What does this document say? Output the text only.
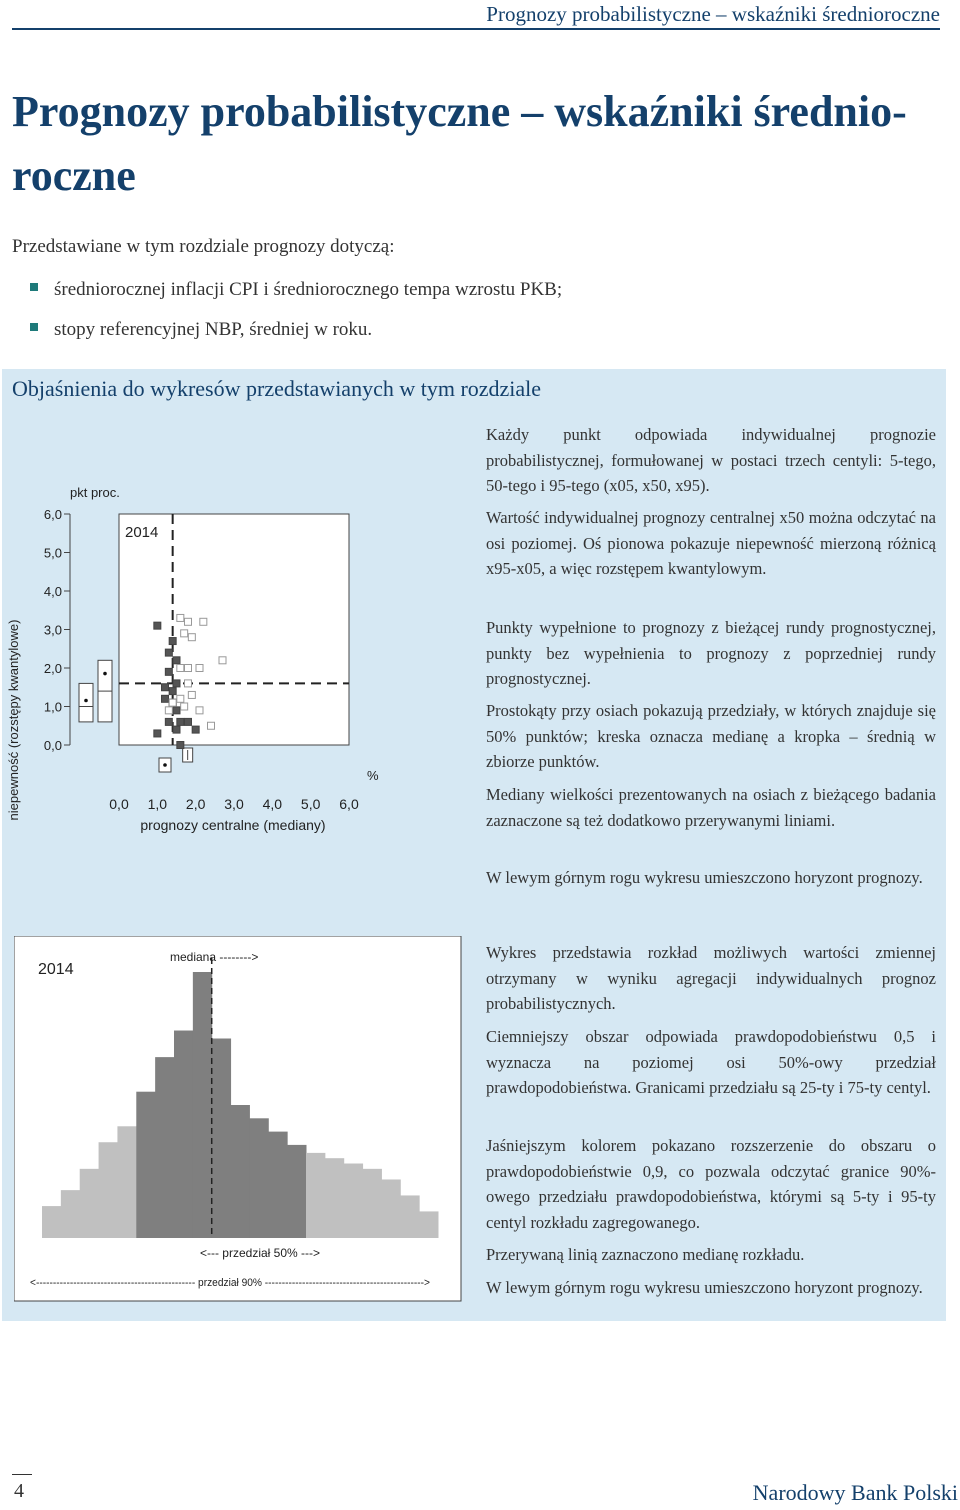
Prognozy probabilistyczne – wskaźniki średnioroczne
Prognozy probabilistyczne – wskaźniki średnio-roczne
Przedstawiane w tym rozdziale prognozy dotyczą:
średniorocznej inflacji CPI i średniorocznego tempa wzrostu PKB;
stopy referencyjnej NBP, średniej w roku.
Objaśnienia do wykresów przedstawianych w tym rozdziale

Każdy punkt odpowiada indywidualnej prognozie probabilistycznej, formułowanej w postaci trzech centyli: 5-tego, 50-tego i 95-tego (x05, x50, x95).

Wartość indywidualnej prognozy centralnej x50 można odczytać na osi poziomej. Oś pionowa pokazuje niepewność mierzoną różnicą x95-x05, a więc rozstępem kwantylowym.

Punkty wypełnione to prognozy z bieżącej rundy prognostycznej, punkty bez wypełnienia to prognozy z poprzedniej rundy prognostycznej.

Prostokąty przy osiach pokazują przedziały, w których znajduje się 50% punktów; kreska oznacza medianę a kropka – średnią w zbiorze punktów.

Mediany wielkości prezentowanych na osiach z bieżącego badania zaznaczone są też dodatkowo przerywanymi liniami.

W lewym górnym rogu wykresu umieszczono horyzont prognozy.

Wykres przedstawia rozkład możliwych wartości zmiennej otrzymany w wyniku agregacji indywidualnych prognoz probabilistycznych.

Ciemniejszy obszar odpowiada prawdopodobieństwu 0,5 i wyznacza na poziomej osi 50%-owy przedział prawdopodobieństwa. Granicami przedziału są 25-ty i 75-ty centyl.

Jaśniejszym kolorem pokazano rozszerzenie do obszaru o prawdopodobieństwie 0,9, co pozwala odczytać granice 90%-owego przedziału prawdopodobieństwa, którymi są 5-ty i 95-ty centyl rozkładu zagregowanego.

Przerywaną linią zaznaczono medianę rozkładu.

W lewym górnym rogu wykresu umieszczono horyzont prognozy.

6,0
5,0
4,0
3,0
2,0
1,0
0,0
0,0 1,0 2,0 3,0 4,0 5,0 6,0
niepewność (rozstępy kwantylowe)
pkt proc.
2014
%
prognozy centralne (mediany)
2014
mediana -------->
<--- przedział 50% --->
<----------------------------------------------- przedział 90% ----------------------------------------------->
4	Narodowy Bank Polski
